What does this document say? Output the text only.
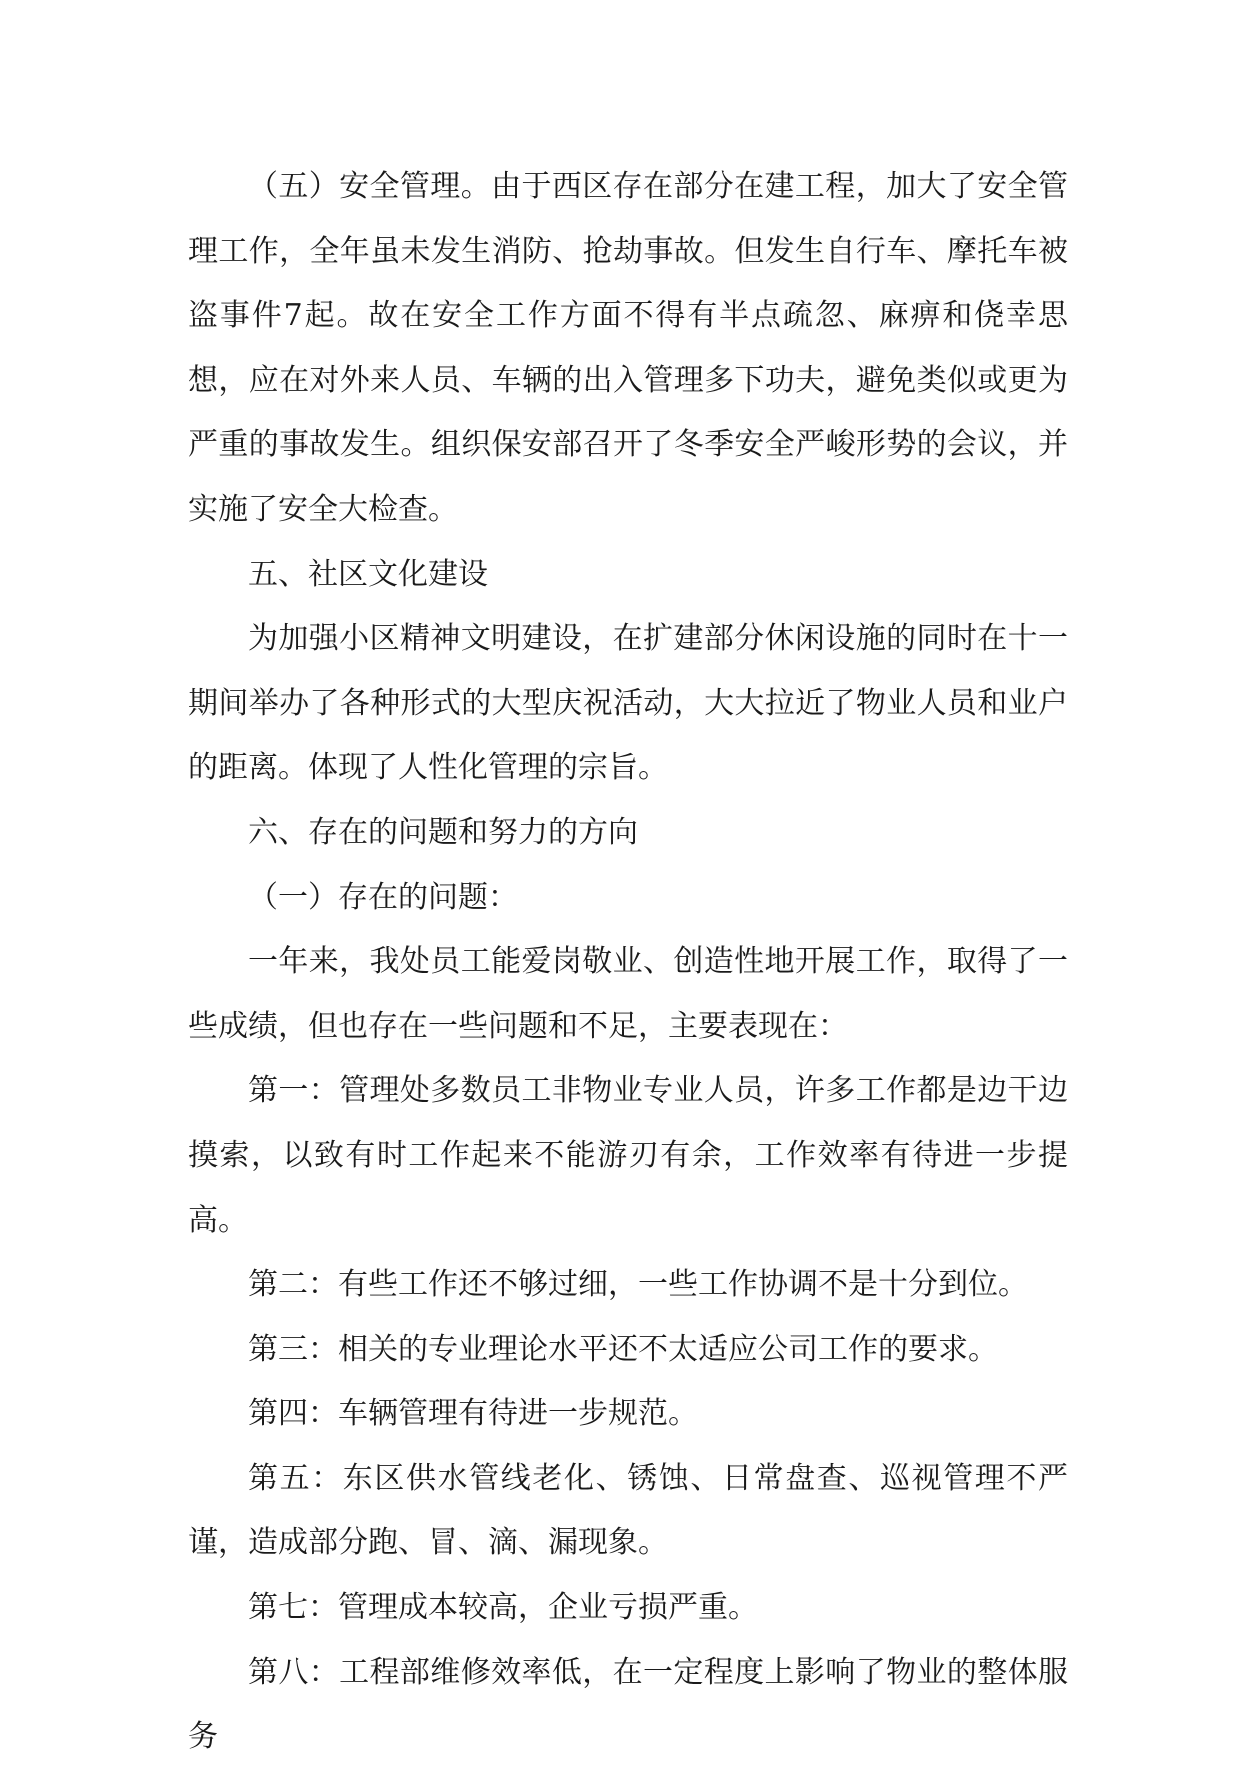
（五）安全管理。由于西区存在部分在建工程，加大了安全管理工作，全年虽未发生消防、抢劫事故。但发生自行车、摩托车被盗事件7起。故在安全工作方面不得有半点疏忽、麻痹和侥幸思想，应在对外来人员、车辆的出入管理多下功夫，避免类似或更为严重的事故发生。组织保安部召开了冬季安全严峻形势的会议，并实施了安全大检查。

五、社区文化建设

为加强小区精神文明建设，在扩建部分休闲设施的同时在十一期间举办了各种形式的大型庆祝活动，大大拉近了物业人员和业户的距离。体现了人性化管理的宗旨。

六、存在的问题和努力的方向

（一）存在的问题：

一年来，我处员工能爱岗敬业、创造性地开展工作，取得了一些成绩，但也存在一些问题和不足，主要表现在：

第一：管理处多数员工非物业专业人员，许多工作都是边干边摸索，以致有时工作起来不能游刃有余，工作效率有待进一步提高。

第二：有些工作还不够过细，一些工作协调不是十分到位。

第三：相关的专业理论水平还不太适应公司工作的要求。

第四：车辆管理有待进一步规范。

第五：东区供水管线老化、锈蚀、日常盘查、巡视管理不严谨，造成部分跑、冒、滴、漏现象。

第七：管理成本较高，企业亏损严重。

第八：工程部维修效率低，在一定程度上影响了物业的整体服务
